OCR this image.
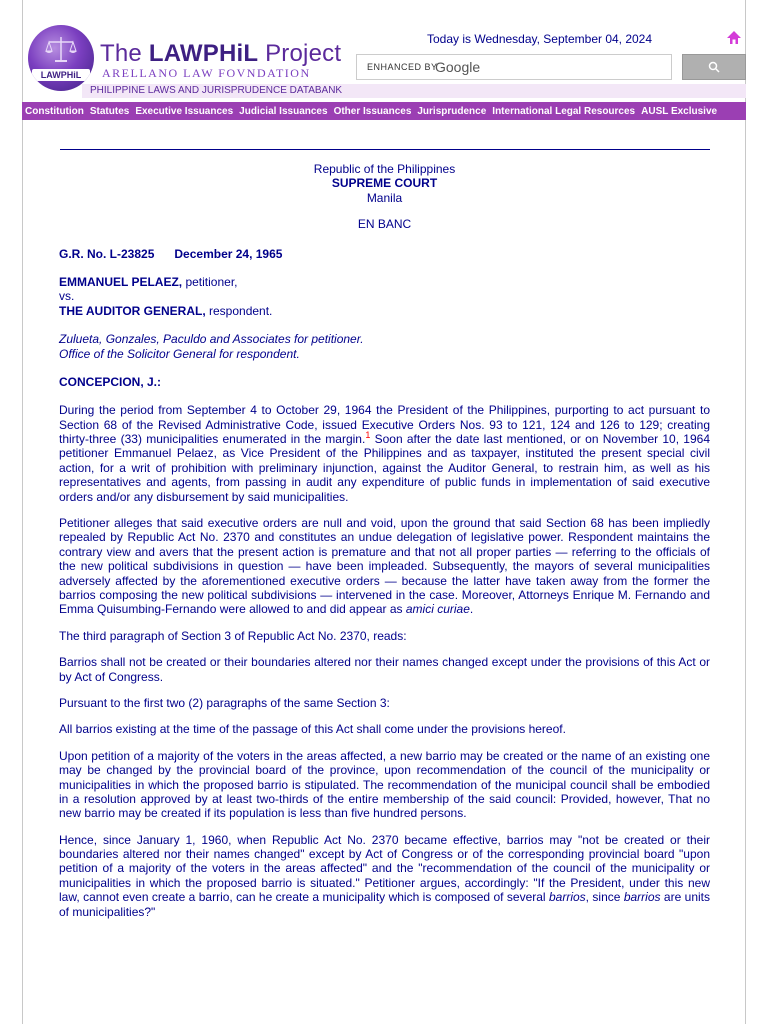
LAWPHiL
The LAWPHiL Project
ARELLANO LAW FOVNDATION
PHILIPPINE LAWS AND JURISPRUDENCE DATABANK
Today is Wednesday, September 04, 2024
ENHANCED BY
Google
Constitution Statutes Executive Issuances Judicial Issuances Other Issuances Jurisprudence International Legal Resources AUSL Exclusive

Republic of the Philippines

SUPREME COURT

Manila

EN BANC

G.R. No. L-23825 December 24, 1965

EMMANUEL PELAEZ, petitioner,

vs.

THE AUDITOR GENERAL, respondent.

Zulueta, Gonzales, Paculdo and Associates for petitioner.

Office of the Solicitor General for respondent.

CONCEPCION, J.:

During the period from September 4 to October 29, 1964 the President of the Philippines, purporting to act pursuant to Section 68 of the Revised Administrative Code, issued Executive Orders Nos. 93 to 121, 124 and 126 to 129; creating thirty-three (33) municipalities enumerated in the margin.$^1$ Soon after the date last mentioned, or on November 10, 1964 petitioner Emmanuel Pelaez, as Vice President of the Philippines and as taxpayer, instituted the present special civil action, for a writ of prohibition with preliminary injunction, against the Auditor General, to restrain him, as well as his representatives and agents, from passing in audit any expenditure of public funds in implementation of said executive orders and/or any disbursement by said municipalities.

Petitioner alleges that said executive orders are null and void, upon the ground that said Section 68 has been impliedly repealed by Republic Act No. 2370 and constitutes an undue delegation of legislative power. Respondent maintains the contrary view and avers that the present action is premature and that not all proper parties — referring to the officials of the new political subdivisions in question — have been impleaded. Subsequently, the mayors of several municipalities adversely affected by the aforementioned executive orders — because the latter have taken away from the former the barrios composing the new political subdivisions — intervened in the case. Moreover, Attorneys Enrique M. Fernando and Emma Quisumbing-Fernando were allowed to and did appear as amici curiae.

The third paragraph of Section 3 of Republic Act No. 2370, reads:

Barrios shall not be created or their boundaries altered nor their names changed except under the provisions of this Act or by Act of Congress.

Pursuant to the first two (2) paragraphs of the same Section 3:

All barrios existing at the time of the passage of this Act shall come under the provisions hereof.

Upon petition of a majority of the voters in the areas affected, a new barrio may be created or the name of an existing one may be changed by the provincial board of the province, upon recommendation of the council of the municipality or municipalities in which the proposed barrio is stipulated. The recommendation of the municipal council shall be embodied in a resolution approved by at least two-thirds of the entire membership of the said council: Provided, however, That no new barrio may be created if its population is less than five hundred persons.

Hence, since January 1, 1960, when Republic Act No. 2370 became effective, barrios may "not be created or their boundaries altered nor their names changed" except by Act of Congress or of the corresponding provincial board "upon petition of a majority of the voters in the areas affected" and the "recommendation of the council of the municipality or municipalities in which the proposed barrio is situated." Petitioner argues, accordingly: "If the President, under this new law, cannot even create a barrio, can he create a municipality which is composed of several barrios, since barrios are units of municipalities?"
